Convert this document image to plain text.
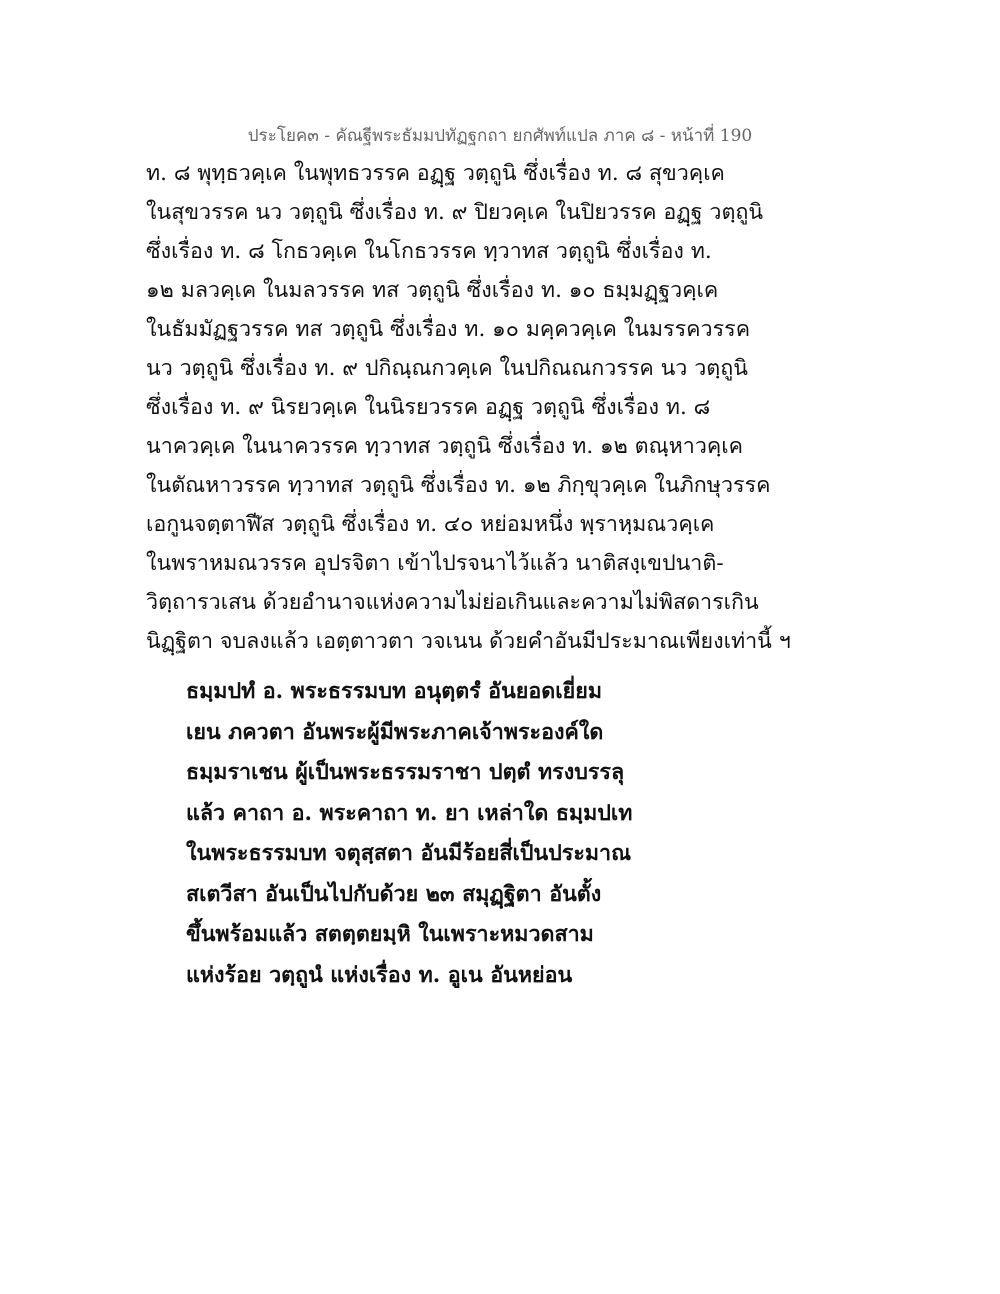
ประโยค๓ - คัณฐีพระธัมมปทัฏฐกถา ยกศัพท์แปล ภาค ๘ - หน้าที่ 190
ท. ๘ พุทฺธวคฺเค ในพุทธวรรค อฏฺฐ วตฺถูนิ ซึ่งเรื่อง ท. ๘ สุขวคฺเค
ในสุขวรรค นว วตฺถูนิ ซึ่งเรื่อง ท. ๙ ปิยวคฺเค ในปิยวรรค อฏฺฐ วตฺถูนิ
ซึ่งเรื่อง ท. ๘ โกธวคฺเค ในโกธวรรค ทฺวาทส วตฺถูนิ ซึ่งเรื่อง ท.
๑๒ มลวคฺเค ในมลวรรค ทส วตฺถูนิ ซึ่งเรื่อง ท. ๑๐ ธมฺมฏฺฐวคฺเค
ในธัมมัฏฐวรรค ทส วตฺถูนิ ซึ่งเรื่อง ท. ๑๐ มคฺควคฺเค ในมรรควรรค
นว วตฺถูนิ ซึ่งเรื่อง ท. ๙ ปกิณฺณกวคฺเค ในปกิณณกวรรค นว วตฺถูนิ
ซึ่งเรื่อง ท. ๙ นิรยวคฺเค ในนิรยวรรค อฏฺฐ วตฺถูนิ ซึ่งเรื่อง ท. ๘
นาควคฺเค ในนาควรรค ทฺวาทส วตฺถูนิ ซึ่งเรื่อง ท. ๑๒ ตณฺหาวคฺเค
ในตัณหาวรรค ทฺวาทส วตฺถูนิ ซึ่งเรื่อง ท. ๑๒ ภิกฺขุวคฺเค ในภิกษุวรรค
เอกูนจตฺตาฬีส วตฺถูนิ ซึ่งเรื่อง ท. ๔๐ หย่อมหนึ่ง พฺราหฺมณวคฺเค
ในพราหมณวรรค อุปรจิตา เข้าไปรจนาไว้แล้ว นาติสงฺเขปนาติ-
วิตฺถารวเสน ด้วยอำนาจแห่งความไม่ย่อเกินและความไม่พิสดารเกิน
นิฏฺฐิตา จบลงแล้ว เอตฺตาวตา วจเนน ด้วยคำอันมีประมาณเพียงเท่านี้ ฯ
ธมฺมปทํ อ. พระธรรมบท อนุตฺตรํ อันยอดเยี่ยม
เยน ภควตา อันพระผู้มีพระภาคเจ้าพระองค์ใด
ธมฺมราเชน ผู้เป็นพระธรรมราชา ปตฺตํ ทรงบรรลุ
แล้ว คาถา อ. พระคาถา ท. ยา เหล่าใด ธมฺมปเท
ในพระธรรมบท จตุสฺสตา อันมีร้อยสี่เป็นประมาณ
สเตวีสา อันเป็นไปกับด้วย ๒๓ สมุฏฺฐิตา อันตั้ง
ขึ้นพร้อมแล้ว สตตฺตยมฺหิ ในเพราะหมวดสาม
แห่งร้อย วตฺถูนํ แห่งเรื่อง ท. อูเน อันหย่อน
